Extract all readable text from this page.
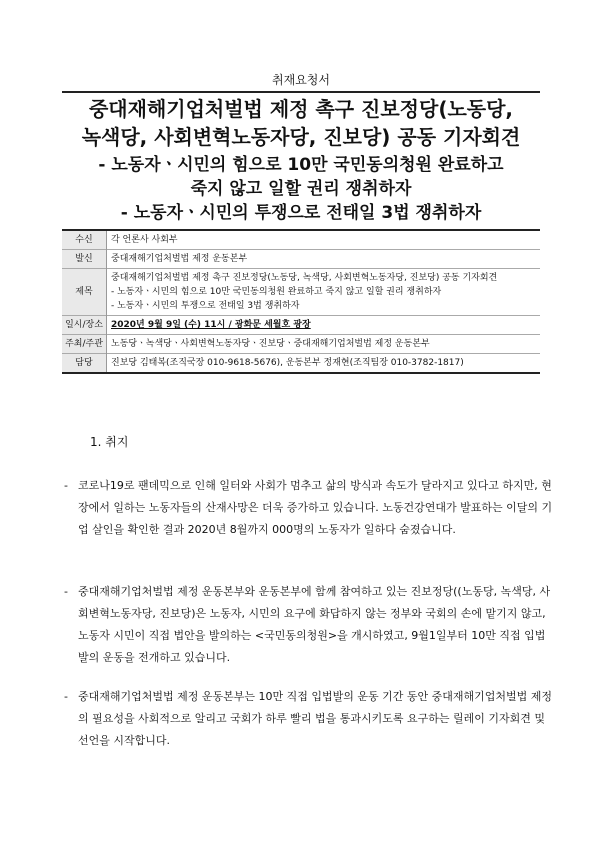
취재요청서
중대재해기업처벌법 제정 촉구 진보정당(노동당,
녹색당, 사회변혁노동자당, 진보당) 공동 기자회견
- 노동자ㆍ시민의 힘으로 10만 국민동의청원 완료하고
죽지 않고 일할 권리 쟁취하자
- 노동자ㆍ시민의 투쟁으로 전태일 3법 쟁취하자
수신	각 언론사 사회부
발신	중대재해기업처벌법 제정 운동본부
제목	중대재해기업처벌법 제정 촉구 진보정당(노동당, 녹색당, 사회변혁노동자당, 진보당) 공동 기자회견
- 노동자ㆍ시민의 힘으로 10만 국민동의청원 완료하고 죽지 않고 일할 권리 쟁취하자
- 노동자ㆍ시민의 투쟁으로 전태일 3법 쟁취하자

일시/장소	2020년 9월 9일 (수) 11시 / 광화문 세월호 광장
주최/주관	노동당ㆍ녹색당ㆍ사회변혁노동자당ㆍ진보당ㆍ중대재해기업처벌법 제정 운동본부
담당	진보당 김태복(조직국장 010-9618-5676), 운동본부 정재현(조직팀장 010-3782-1817)
1. 취지
- 코로나19로 팬데믹으로 인해 일터와 사회가 멈추고 삶의 방식과 속도가 달라지고 있다고 하지만, 현장에서 일하는 노동자들의 산재사망은 더욱 증가하고 있습니다. 노동건강연대가 발표하는 이달의 기업 살인을 확인한 결과 2020년 8월까지 000명의 노동자가 일하다 숨졌습니다.
- 중대재해기업처벌법 제정 운동본부와 운동본부에 함께 참여하고 있는 진보정당((노동당, 녹색당, 사회변혁노동자당, 진보당)은 노동자, 시민의 요구에 화답하지 않는 정부와 국회의 손에 맡기지 않고, 노동자 시민이 직접 법안을 발의하는 <국민동의청원>을 개시하였고, 9월1일부터 10만 직접 입법발의 운동을 전개하고 있습니다.
- 중대재해기업처벌법 제정 운동본부는 10만 직접 입법발의 운동 기간 동안 중대재해기업처벌법 제정의 필요성을 사회적으로 알리고 국회가 하루 빨리 법을 통과시키도록 요구하는 릴레이 기자회견 및 선언을 시작합니다.
